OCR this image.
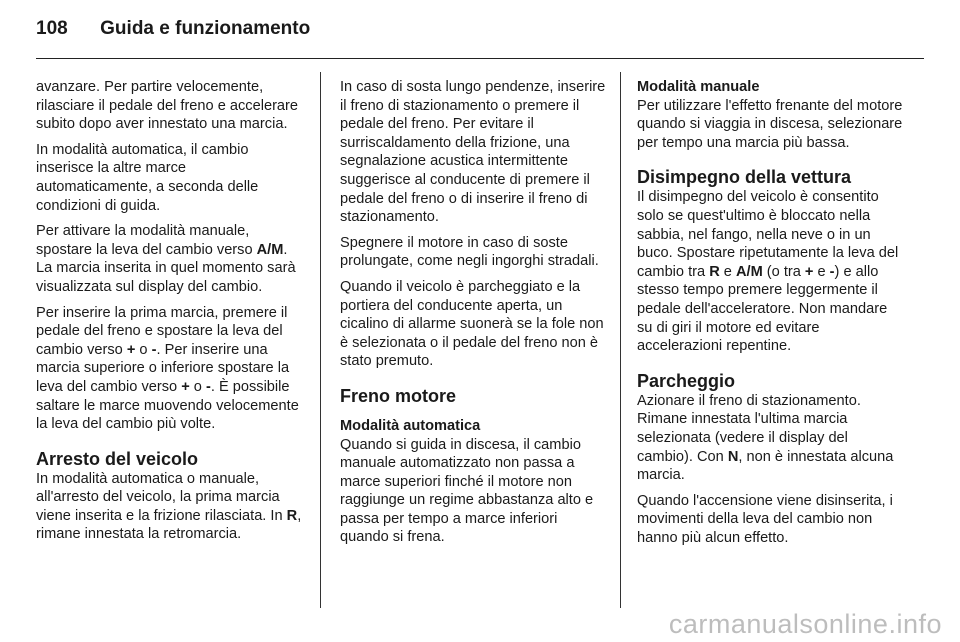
108 Guida e funzionamento

avanzare. Per partire velocemente, rilasciare il pedale del freno e accelerare subito dopo aver innestato una marcia.

In modalità automatica, il cambio inserisce la altre marce automaticamente, a seconda delle condizioni di guida.

Per attivare la modalità manuale, spostare la leva del cambio verso A/M. La marcia inserita in quel momento sarà visualizzata sul display del cambio.

Per inserire la prima marcia, premere il pedale del freno e spostare la leva del cambio verso + o -. Per inserire una marcia superiore o inferiore spostare la leva del cambio verso + o -. È possibile saltare le marce muovendo velocemente la leva del cambio più volte.

Arresto del veicolo

In modalità automatica o manuale, all'arresto del veicolo, la prima marcia viene inserita e la frizione rilasciata. In R, rimane innestata la retromarcia.

In caso di sosta lungo pendenze, inserire il freno di stazionamento o premere il pedale del freno. Per evitare il surriscaldamento della frizione, una segnalazione acustica intermittente suggerisce al conducente di premere il pedale del freno o di inserire il freno di stazionamento.

Spegnere il motore in caso di soste prolungate, come negli ingorghi stradali.

Quando il veicolo è parcheggiato e la portiera del conducente aperta, un cicalino di allarme suonerà se la fole non è selezionata o il pedale del freno non è stato premuto.

Freno motore
Modalità automatica

Quando si guida in discesa, il cambio manuale automatizzato non passa a marce superiori finché il motore non raggiunge un regime abbastanza alto e passa per tempo a marce inferiori quando si frena.

Modalità manuale

Per utilizzare l'effetto frenante del motore quando si viaggia in discesa, selezionare per tempo una marcia più bassa.

Disimpegno della vettura

Il disimpegno del veicolo è consentito solo se quest'ultimo è bloccato nella sabbia, nel fango, nella neve o in un buco. Spostare ripetutamente la leva del cambio tra R e A/M (o tra + e -) e allo stesso tempo premere leggermente il pedale dell'acceleratore. Non mandare su di giri il motore ed evitare accelerazioni repentine.

Parcheggio

Azionare il freno di stazionamento. Rimane innestata l'ultima marcia selezionata (vedere il display del cambio). Con N, non è innestata alcuna marcia.

Quando l'accensione viene disinserita, i movimenti della leva del cambio non hanno più alcun effetto.

carmanualsonline.info
